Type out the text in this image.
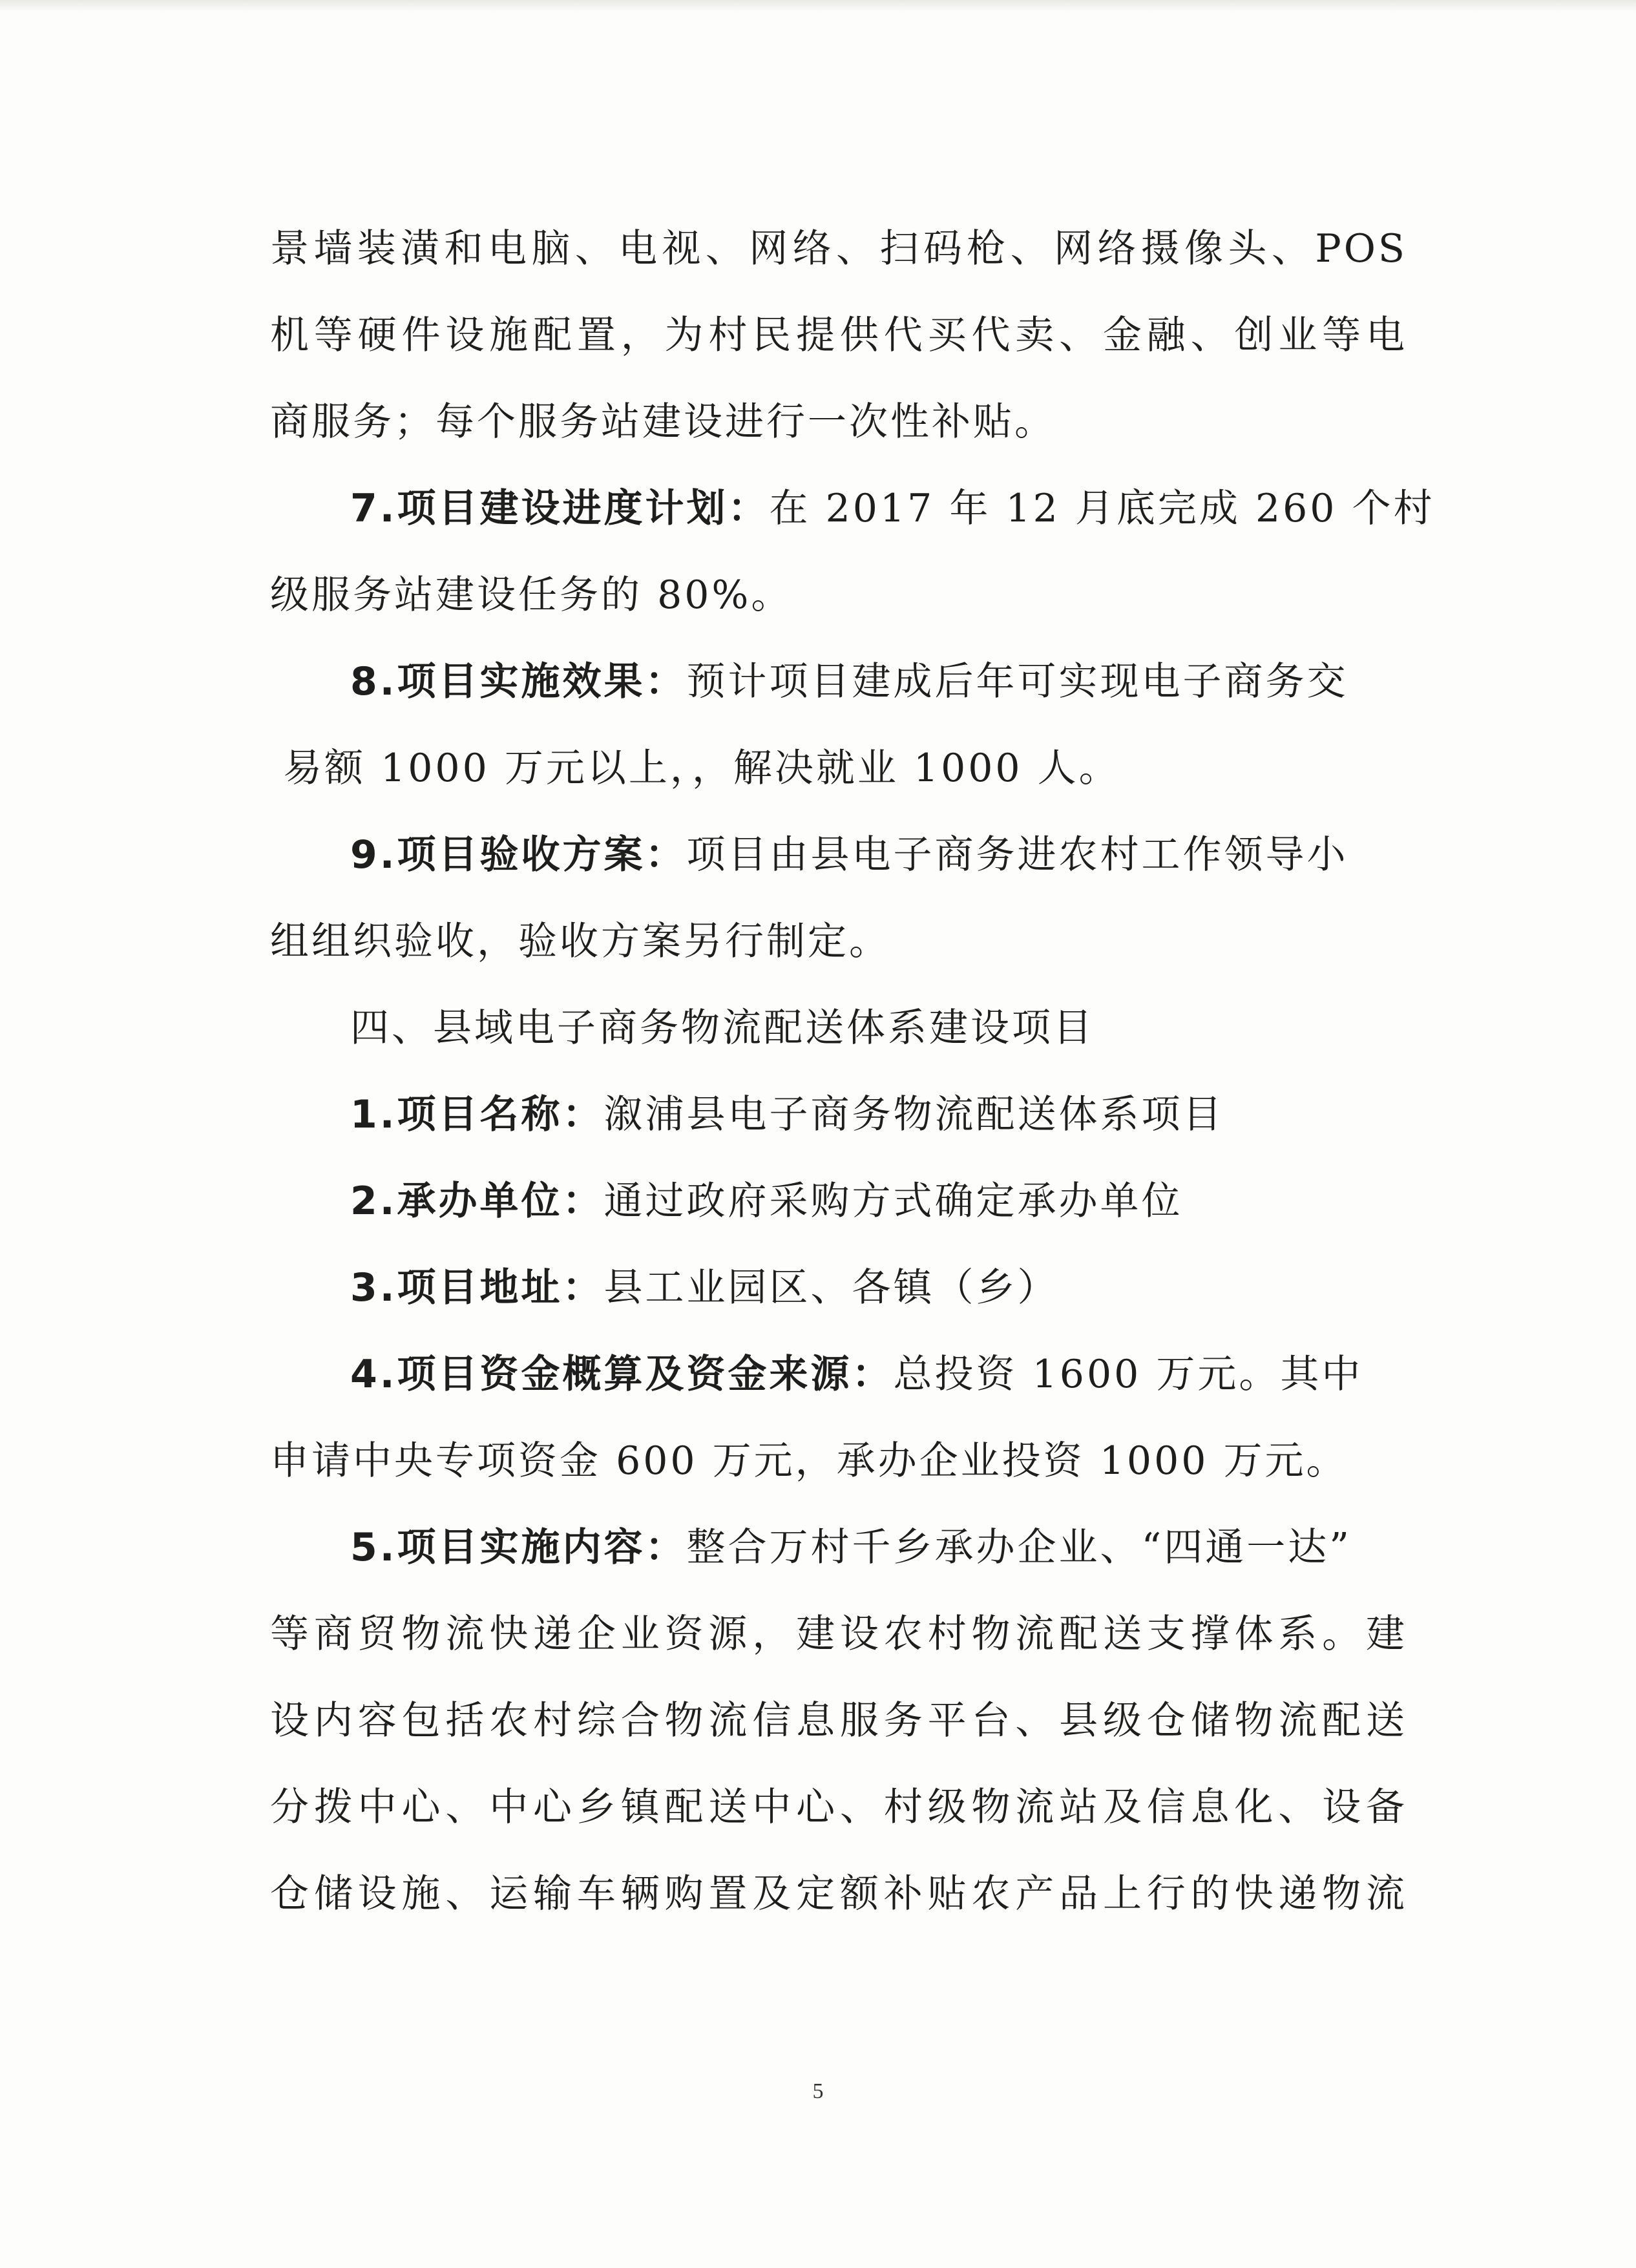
景墙装潢和电脑、电视、网络、扫码枪、网络摄像头、POS
机等硬件设施配置，为村民提供代买代卖、金融、创业等电
商服务；每个服务站建设进行一次性补贴。
7.项目建设进度计划：在 2017 年 12 月底完成 260 个村
级服务站建设任务的 80%。
8.项目实施效果：预计项目建成后年可实现电子商务交
易额 1000 万元以上，，解决就业 1000 人。
9.项目验收方案：项目由县电子商务进农村工作领导小
组组织验收，验收方案另行制定。
四、县域电子商务物流配送体系建设项目
1.项目名称：溆浦县电子商务物流配送体系项目
2.承办单位：通过政府采购方式确定承办单位
3.项目地址：县工业园区、各镇（乡）
4.项目资金概算及资金来源：总投资 1600 万元。其中
申请中央专项资金 600 万元，承办企业投资 1000 万元。
5.项目实施内容：整合万村千乡承办企业、“四通一达”
等商贸物流快递企业资源，建设农村物流配送支撑体系。建
设内容包括农村综合物流信息服务平台、县级仓储物流配送
分拨中心、中心乡镇配送中心、村级物流站及信息化、设备
仓储设施、运输车辆购置及定额补贴农产品上行的快递物流
5
